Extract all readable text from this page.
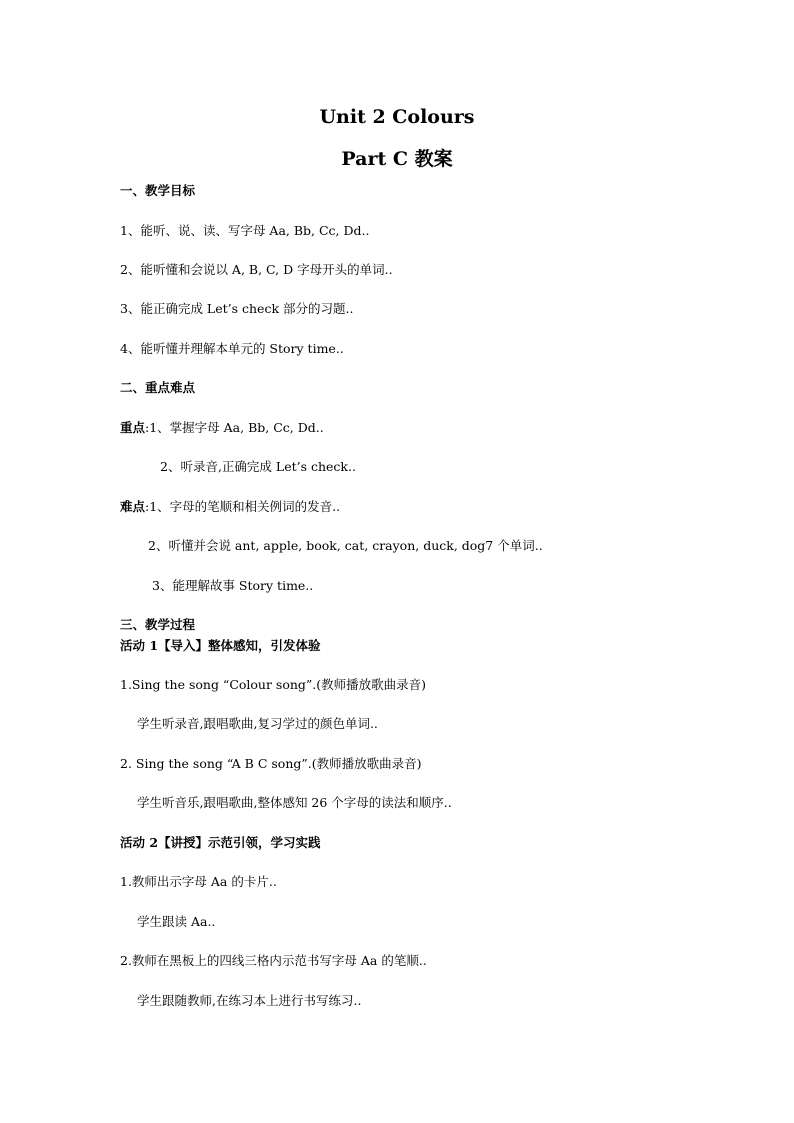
Unit 2 Colours
Part C 教案
一、教学目标
1、能听、说、读、写字母 Aa, Bb, Cc, Dd..
2、能听懂和会说以 A, B, C, D 字母开头的单词..
3、能正确完成 Let’s check 部分的习题..
4、能听懂并理解本单元的 Story time..
二、重点难点
重点:1、掌握字母 Aa, Bb, Cc, Dd..
2、听录音,正确完成 Let’s check..
难点:1、字母的笔顺和相关例词的发音..
2、听懂并会说 ant, apple, book, cat, crayon, duck, dog7 个单词..
3、能理解故事 Story time..
三、教学过程
活动 1【导入】整体感知，引发体验
1.Sing the song “Colour song”.(教师播放歌曲录音)
学生听录音,跟唱歌曲,复习学过的颜色单词..
2. Sing the song “A B C song”.(教师播放歌曲录音)
学生听音乐,跟唱歌曲,整体感知 26 个字母的读法和顺序..
活动 2【讲授】示范引领，学习实践
1.教师出示字母 Aa 的卡片..
学生跟读 Aa..
2.教师在黑板上的四线三格内示范书写字母 Aa 的笔顺..
学生跟随教师,在练习本上进行书写练习..
